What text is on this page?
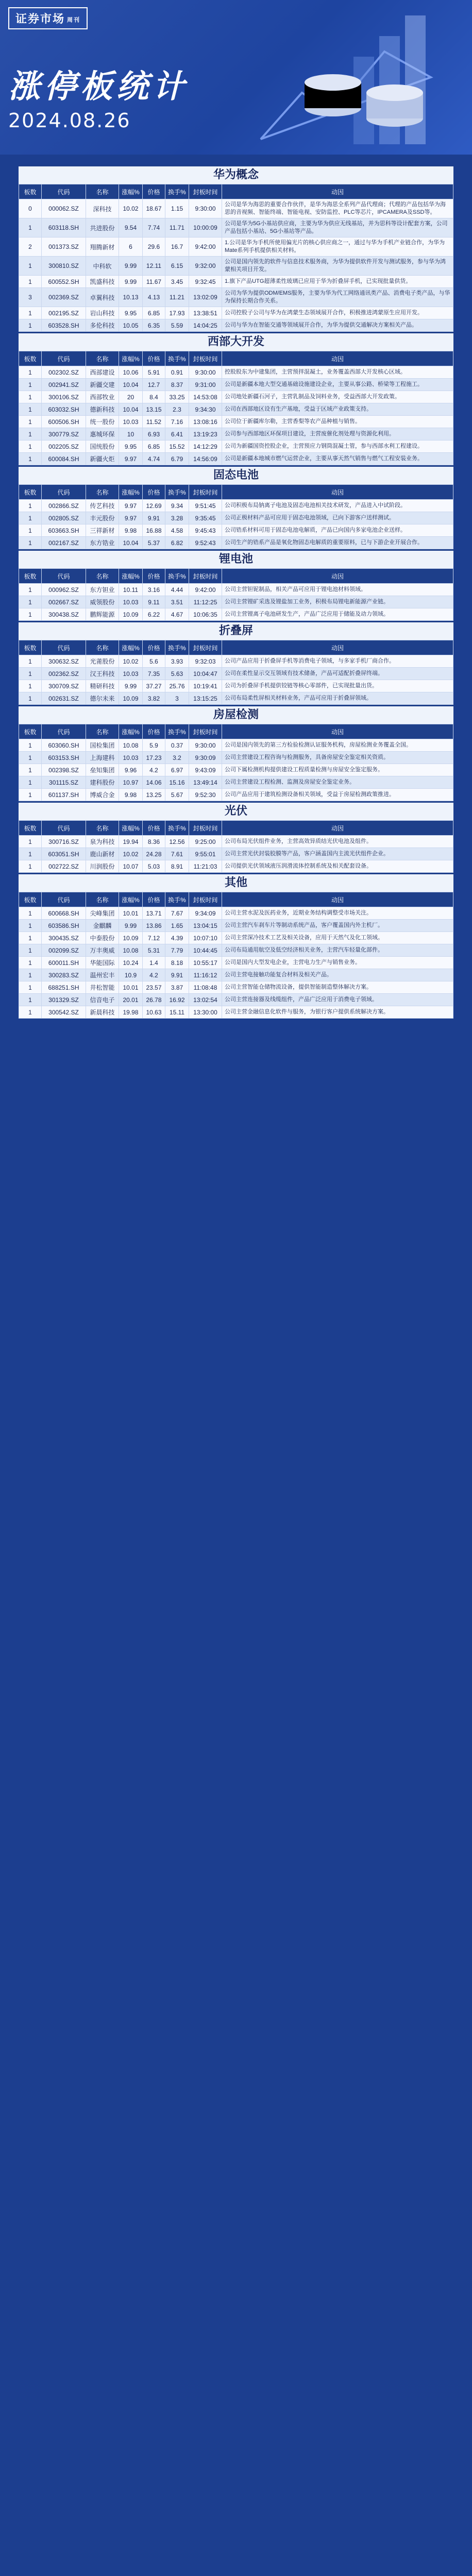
证券市场 周刊
涨停板统计
2024.08.26
华为概念
板数	代码	名称	涨幅%	价格	换手%	封板时间	动因
0	000062.SZ	深科技	10.02	18.67	1.15	9:30:00	公司是华为海思的重要合作伙伴，是华为海思全系列产品代理商；代理的产品包括华为海思的音视频、智能终端、智能电视、安防监控、PLC等芯片，IPCAMERA及SSD等。
1	603118.SH	共进股份	9.54	7.74	11.71	10:00:09	公司是华为5G小基站供应商，主要为华为供应无线基站，并为思科等设计配套方案，公司产品包括小基站、5G小基站等产品。
2	001373.SZ	翔腾新材	6	29.6	16.7	9:42:00	1.公司是华为手机所使用偏光片的核心供应商之一，通过与华为手机产业链合作，为华为Mate系列手机提供相关材料。
1	300810.SZ	中科软	9.99	12.11	6.15	9:32:00	公司是国内领先的软件与信息技术服务商，为华为提供软件开发与测试服务，参与华为鸿蒙相关项目开发。
1	600552.SH	凯盛科技	9.99	11.67	3.45	9:32:45	1.旗下产品UTG超薄柔性玻璃已应用于华为折叠屏手机，已实现批量供货。
3	002369.SZ	卓翼科技	10.13	4.13	11.21	13:02:09	公司为华为提供ODM/EMS服务，主要为华为代工网络通讯类产品、消费电子类产品，与华为保持长期合作关系。
1	002195.SZ	岩山科技	9.95	6.85	17.93	13:38:51	公司控股子公司与华为在鸿蒙生态领域展开合作，积极推进鸿蒙原生应用开发。
1	603528.SH	多伦科技	10.05	6.35	5.59	14:04:25	公司与华为在智能交通等领域展开合作，为华为提供交通解决方案相关产品。
西部大开发
板数	代码	名称	涨幅%	价格	换手%	封板时间	动因
1	002302.SZ	西部建设	10.06	5.91	0.91	9:30:00	控股股东为中建集团，主营预拌混凝土，业务覆盖西部大开发核心区域。
1	002941.SZ	新疆交建	10.04	12.7	8.37	9:31:00	公司是新疆本地大型交通基础设施建设企业，主要从事公路、桥梁等工程施工。
1	300106.SZ	西部牧业	20	8.4	33.25	14:53:08	公司地处新疆石河子，主营乳制品及饲料业务，受益西部大开发政策。
1	603032.SH	德新科技	10.04	13.15	2.3	9:34:30	公司在西部地区设有生产基地，受益于区域产业政策支持。
1	600506.SH	统一股份	10.03	11.52	7.16	13:08:16	公司位于新疆库尔勒，主营香梨等农产品种植与销售。
1	300779.SZ	惠城环保	10	6.93	6.41	13:19:23	公司参与西部地区环保项目建设，主营废催化剂处理与资源化利用。
1	002205.SZ	国统股份	9.95	6.85	15.52	14:12:29	公司为新疆国资控股企业，主营预应力钢筒混凝土管，参与西部水利工程建设。
1	600084.SH	新疆火炬	9.97	4.74	6.79	14:56:09	公司是新疆本地城市燃气运营企业，主要从事天然气销售与燃气工程安装业务。
固态电池
板数	代码	名称	涨幅%	价格	换手%	封板时间	动因
1	002866.SZ	传艺科技	9.97	12.69	9.34	9:51:45	公司积极布局钠离子电池及固态电池相关技术研发，产品进入中试阶段。
1	002805.SZ	丰元股份	9.97	9.91	3.28	9:35:45	公司正极材料产品可应用于固态电池领域，已向下游客户送样测试。
1	603663.SH	三祥新材	9.98	16.88	4.58	9:45:43	公司锆系材料可用于固态电池电解质，产品已向国内多家电池企业送样。
1	002167.SZ	东方锆业	10.04	5.37	6.82	9:52:43	公司生产的锆系产品是氧化物固态电解质的重要原料，已与下游企业开展合作。
锂电池
板数	代码	名称	涨幅%	价格	换手%	封板时间	动因
1	000962.SZ	东方钽业	10.11	3.16	4.44	9:42:00	公司主营钽铌制品，相关产品可应用于锂电池材料领域。
1	002667.SZ	威领股份	10.03	9.11	3.51	11:12:25	公司主营锂矿采选及锂盐加工业务，积极布局锂电新能源产业链。
1	300438.SZ	鹏辉能源	10.09	6.22	4.67	10:06:35	公司主营锂离子电池研发生产，产品广泛应用于储能及动力领域。
折叠屏
板数	代码	名称	涨幅%	价格	换手%	封板时间	动因
1	300632.SZ	光莆股份	10.02	5.6	3.93	9:32:03	公司产品应用于折叠屏手机等消费电子领域，与多家手机厂商合作。
1	002362.SZ	汉王科技	10.03	7.35	5.63	10:04:47	公司在柔性显示交互领域有技术储备，产品可适配折叠屏终端。
1	300709.SZ	精研科技	9.99	37.27	25.76	10:19:41	公司为折叠屏手机提供铰链等核心零部件，已实现批量出货。
1	002631.SZ	德尔未来	10.09	3.82	3	13:15:25	公司布局柔性屏相关材料业务，产品可应用于折叠屏领域。
房屋检测
板数	代码	名称	涨幅%	价格	换手%	封板时间	动因
1	603060.SH	国检集团	10.08	5.9	0.37	9:30:00	公司是国内领先的第三方检验检测认证服务机构，房屋检测业务覆盖全国。
1	603153.SH	上海建科	10.03	17.23	3.2	9:30:09	公司主营建设工程咨询与检测服务，具备房屋安全鉴定相关资质。
1	002398.SZ	垒知集团	9.96	4.2	6.97	9:43:09	公司下属检测机构提供建设工程质量检测与房屋安全鉴定服务。
1	301115.SZ	建科股份	10.97	14.06	15.16	13:49:14	公司主营建设工程检测、监测及房屋安全鉴定业务。
1	601137.SH	博威合金	9.98	13.25	5.67	9:52:30	公司产品应用于建筑检测设备相关领域，受益于房屋检测政策推进。
光伏
板数	代码	名称	涨幅%	价格	换手%	封板时间	动因
1	300716.SZ	泉为科技	19.94	8.36	12.56	9:25:00	公司布局光伏组件业务，主营高效异质结光伏电池及组件。
1	603051.SH	鹿山新材	10.02	24.28	7.61	9:55:01	公司主营光伏封装胶膜等产品，客户涵盖国内主流光伏组件企业。
1	002722.SZ	川润股份	10.07	5.03	8.91	11:21:03	公司提供光伏领域液压润滑流体控制系统及相关配套设备。
其他
板数	代码	名称	涨幅%	价格	换手%	封板时间	动因
1	600668.SH	尖峰集团	10.01	13.71	7.67	9:34:09	公司主营水泥及医药业务，近期业务结构调整受市场关注。
1	603586.SH	金麒麟	9.99	13.86	1.65	13:04:15	公司主营汽车刹车片等制动系统产品，客户覆盖国内外主机厂。
1	300435.SZ	中泰股份	10.09	7.12	4.39	10:07:10	公司主营深冷技术工艺及相关设备，应用于天然气及化工领域。
1	002099.SZ	万丰奥威	10.08	5.31	7.79	10:44:45	公司布局通用航空及低空经济相关业务，主营汽车轻量化部件。
1	600011.SH	华能国际	10.24	1.4	8.18	10:55:17	公司是国内大型发电企业，主营电力生产与销售业务。
1	300283.SZ	温州宏丰	10.9	4.2	9.91	11:16:12	公司主营电接触功能复合材料及相关产品。
1	688251.SH	井松智能	10.01	23.57	3.87	11:08:48	公司主营智能仓储物流设备，提供智能制造整体解决方案。
1	301329.SZ	信音电子	20.01	26.78	16.92	13:02:54	公司主营连接器及线缆组件，产品广泛应用于消费电子领域。
1	300542.SZ	新晨科技	19.98	10.63	15.11	13:30:00	公司主营金融信息化软件与服务，为银行客户提供系统解决方案。
